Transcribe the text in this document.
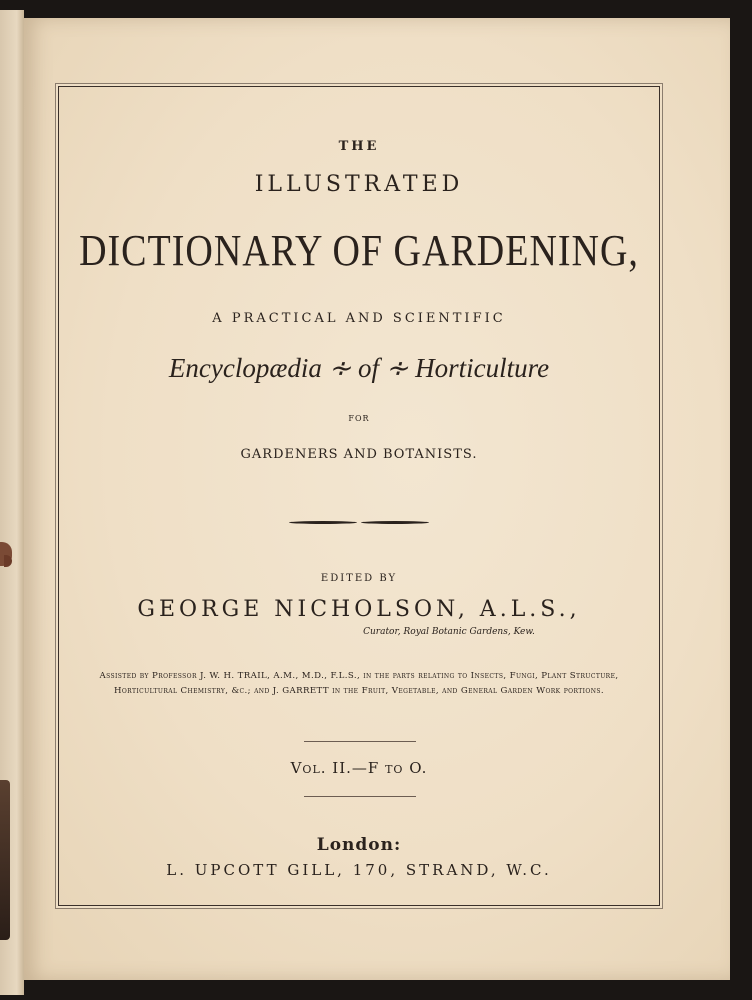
THE
ILLUSTRATED
DICTIONARY OF GARDENING,
A PRACTICAL AND SCIENTIFIC
Encyclopædia ∻ of ∻ Horticulture
FOR
GARDENERS AND BOTANISTS.
EDITED BY
GEORGE NICHOLSON, A.L.S.,
Curator, Royal Botanic Gardens, Kew.
Assisted by Professor J. W. H. TRAIL, A.M., M.D., F.L.S., in the parts relating to Insects, Fungi, Plant Structure, Horticultural Chemistry, &c.; and J. GARRETT in the Fruit, Vegetable, and General Garden Work portions.
Vol. II.—F to O.
London:
L. UPCOTT GILL, 170, STRAND, W.C.
